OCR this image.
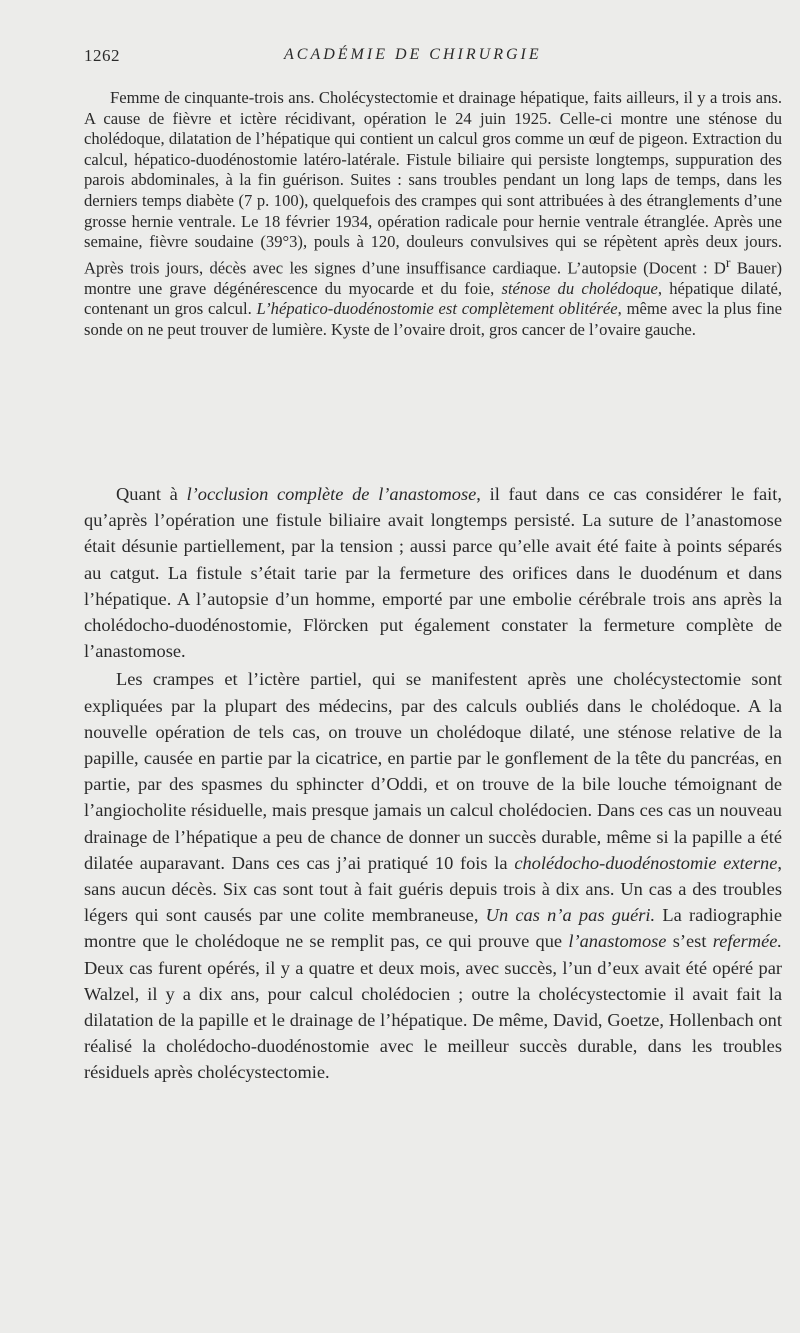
1262	ACADÉMIE DE CHIRURGIE

Femme de cinquante-trois ans. Cholécystectomie et drainage hépatique, faits ailleurs, il y a trois ans. A cause de fièvre et ictère récidivant, opération le 24 juin 1925. Celle-ci montre une sténose du cholédoque, dilatation de l’hépatique qui contient un calcul gros comme un œuf de pigeon. Extraction du calcul, hépatico-duodénostomie latéro-latérale. Fistule biliaire qui persiste longtemps, suppuration des parois abdominales, à la fin guérison. Suites : sans troubles pendant un long laps de temps, dans les derniers temps diabète (7 p. 100), quelquefois des crampes qui sont attribuées à des étranglements d’une grosse hernie ventrale. Le 18 février 1934, opération radicale pour hernie ventrale étranglée. Après une semaine, fièvre soudaine (39°3), pouls à 120, douleurs convulsives qui se répètent après deux jours. Après trois jours, décès avec les signes d’une insuffisance cardiaque. L’autopsie (Docent : $D^r$ Bauer) montre une grave dégénérescence du myocarde et du foie, sténose du cholédoque, hépatique dilaté, contenant un gros calcul. L’hépatico-duodénostomie est complètement oblitérée, même avec la plus fine sonde on ne peut trouver de lumière. Kyste de l’ovaire droit, gros cancer de l’ovaire gauche.

Quant à l’occlusion complète de l’anastomose, il faut dans ce cas considérer le fait, qu’après l’opération une fistule biliaire avait longtemps persisté. La suture de l’anastomose était désunie partiellement, par la tension ; aussi parce qu’elle avait été faite à points séparés au catgut. La fistule s’était tarie par la fermeture des orifices dans le duodénum et dans l’hépatique. A l’autopsie d’un homme, emporté par une embolie cérébrale trois ans après la cholédocho-duodénostomie, Flörcken put également constater la fermeture complète de l’anastomose.

Les crampes et l’ictère partiel, qui se manifestent après une cholécystectomie sont expliquées par la plupart des médecins, par des calculs oubliés dans le cholédoque. A la nouvelle opération de tels cas, on trouve un cholédoque dilaté, une sténose relative de la papille, causée en partie par la cicatrice, en partie par le gonflement de la tête du pancréas, en partie, par des spasmes du sphincter d’Oddi, et on trouve de la bile louche témoignant de l’angiocholite résiduelle, mais presque jamais un calcul cholédocien. Dans ces cas un nouveau drainage de l’hépatique a peu de chance de donner un succès durable, même si la papille a été dilatée auparavant. Dans ces cas j’ai pratiqué 10 fois la cholédocho-duodénostomie externe, sans aucun décès. Six cas sont tout à fait guéris depuis trois à dix ans. Un cas a des troubles légers qui sont causés par une colite membraneuse, Un cas n’a pas guéri. La radiographie montre que le cholédoque ne se remplit pas, ce qui prouve que l’anastomose s’est refermée. Deux cas furent opérés, il y a quatre et deux mois, avec succès, l’un d’eux avait été opéré par Walzel, il y a dix ans, pour calcul cholédocien ; outre la cholécystectomie il avait fait la dilatation de la papille et le drainage de l’hépatique. De même, David, Goetze, Hollenbach ont réalisé la cholédocho-duodénostomie avec le meilleur succès durable, dans les troubles résiduels après cholécystectomie.
